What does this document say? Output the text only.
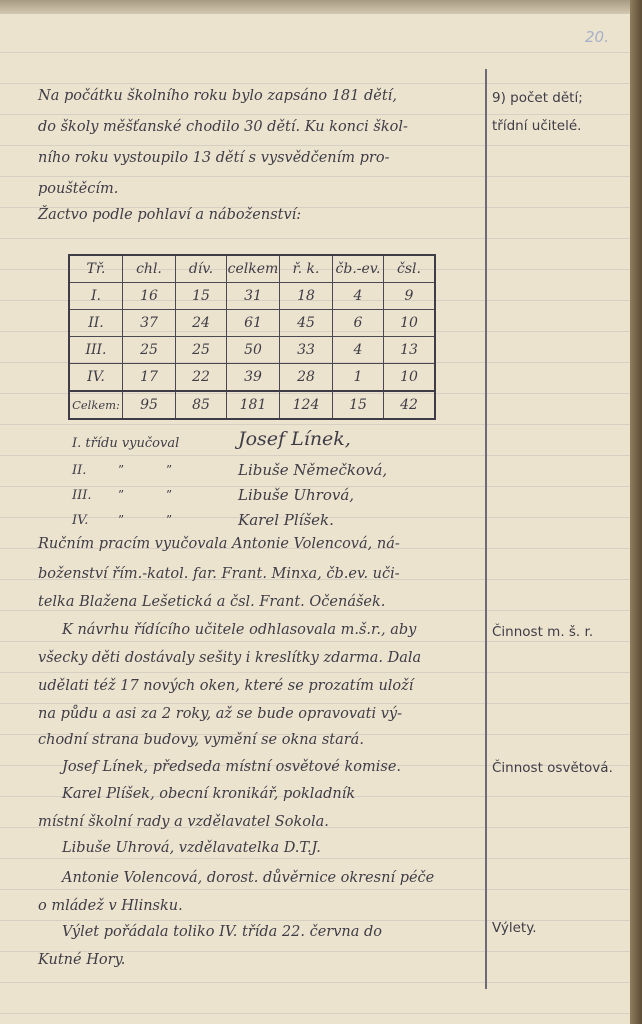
20.
Na počátku školního roku bylo zapsáno 181 dětí,
do školy měšťanské chodilo 30 dětí. Ku konci škol-
ního roku vystoupilo 13 dětí s vysvědčením pro-
pouštěcím.
Žactvo podle pohlaví a náboženství:
9) počet dětí;
třídní učitelé.
Tř.	chl.	dív.	celkem	ř. k.	čb.-ev.	čsl.
I.	16	15	31	18	4	9
II.	37	24	61	45	6	10
III.	25	25	50	33	4	13
IV.	17	22	39	28	1	10
Celkem:	95	85	181	124	15	42
I. třídu vyučoval	Josef Línek,
II.	”	”	Libuše Němečková,
III. ”	”	Libuše Uhrová,
IV. ”	”	Karel Plíšek.
Ručním pracím vyučovala Antonie Volencová, ná-
boženství řím.-katol. far. Frant. Minxa, čb.ev. uči-
telka Blažena Lešetická a čsl. Frant. Očenášek.
K návrhu řídícího učitele odhlasovala m.š.r., aby
všecky děti dostávaly sešity i kreslítky zdarma. Dala
udělati též 17 nových oken, které se prozatím uloží
na půdu a asi za 2 roky, až se bude opravovati vý-
chodní strana budovy, vymění se okna stará.
Činnost m. š. r.
Josef Línek, předseda místní osvětové komise.
Karel Plíšek, obecní kronikář, pokladník
místní školní rady a vzdělavatel Sokola.
Libuše Uhrová, vzdělavatelka D.T.J.
Antonie Volencová, dorost. důvěrnice okresní péče
o mládež v Hlinsku.
Činnost osvětová.
Výlet pořádala toliko IV. třída 22. června do
Kutné Hory.
Výlety.
